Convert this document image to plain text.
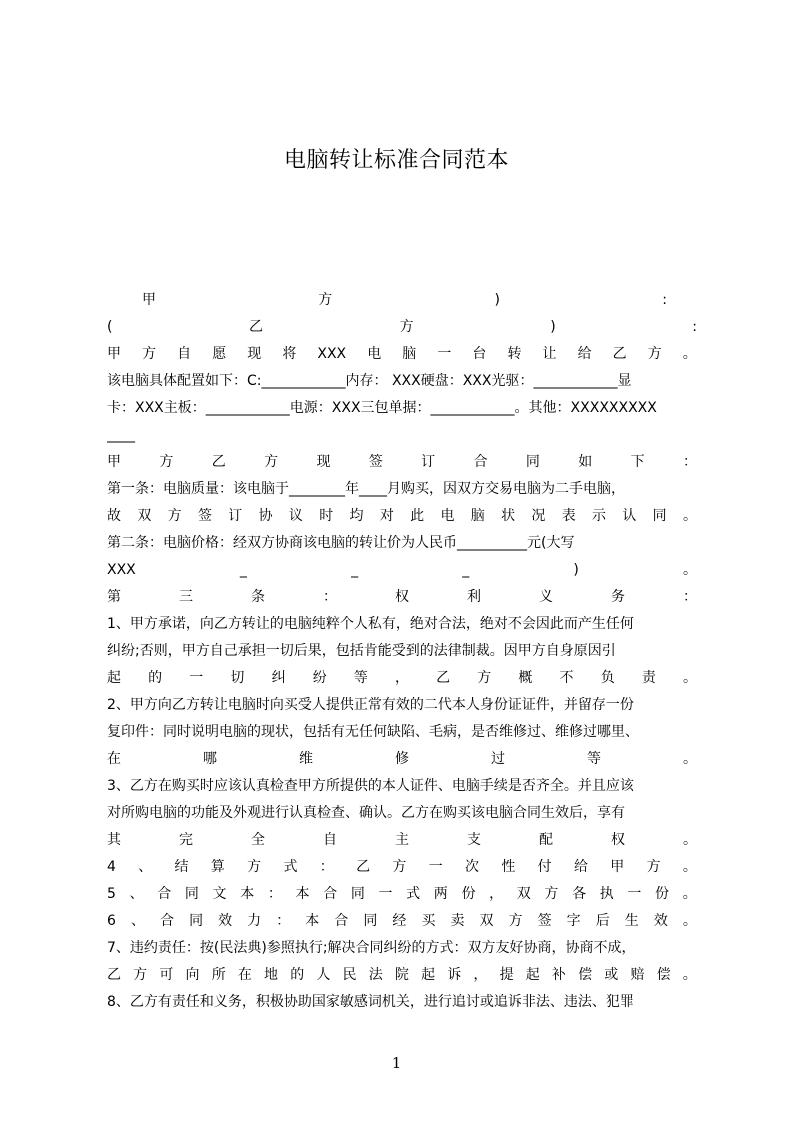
电脑转让标准合同范本
甲	方	)	:
(	乙	方	)	:
甲 方 自 愿 现 将 XXX 电 脑 一 台 转 让 给 乙 方 。
该电脑具体配置如下：C:____________内存： XXX硬盘：XXX光驱：____________显
卡：XXX主板：____________电源：XXX三包单据：____________。其他：XXXXXXXXX
____
甲	方	乙	方	现	签	订	合	同	如	下	：
第一条：电脑质量：该电脑于________年____月购买，因双方交易电脑为二手电脑，
故 双 方 签 订 协 议 时 均 对 此 电 脑 状 况 表 示 认 同 。
第二条：电脑价格：经双方协商该电脑的转让价为人民币__________元(大写
XXX	_	_	_	)	。
第	三	条	：	权	利	义	务	：
1、甲方承诺，向乙方转让的电脑纯粹个人私有，绝对合法，绝对不会因此而产生任何
纠纷;否则，甲方自己承担一切后果，包括肯能受到的法律制裁。因甲方自身原因引
起 的 一 切 纠 纷 等 ， 乙 方 概 不 负 责 。
2、甲方向乙方转让电脑时向买受人提供正常有效的二代本人身份证证件，并留存一份
复印件：同时说明电脑的现状，包括有无任何缺陷、毛病，是否维修过、维修过哪里、
在	哪	维	修	过	等	。
3、乙方在购买时应该认真检查甲方所提供的本人证件、电脑手续是否齐全。并且应该
对所购电脑的功能及外观进行认真检查、确认。乙方在购买该电脑合同生效后，享有
其	完	全	自	主	支	配	权	。
4 、 结 算 方 式 ： 乙 方 一 次 性 付 给 甲 方 。
5 、 合 同 文 本 ： 本 合 同 一 式 两 份 ， 双 方 各 执 一 份 。
6 、 合 同 效 力 ： 本 合 同 经 买 卖 双 方 签 字 后 生 效 。
7、违约责任：按(民法典)参照执行;解决合同纠纷的方式：双方友好协商，协商不成，
乙 方 可 向 所 在 地 的 人 民 法 院 起 诉 ， 提 起 补 偿 或 赔 偿 。
8、乙方有责任和义务，积极协助国家敏感词机关，进行追讨或追诉非法、违法、犯罪
1
